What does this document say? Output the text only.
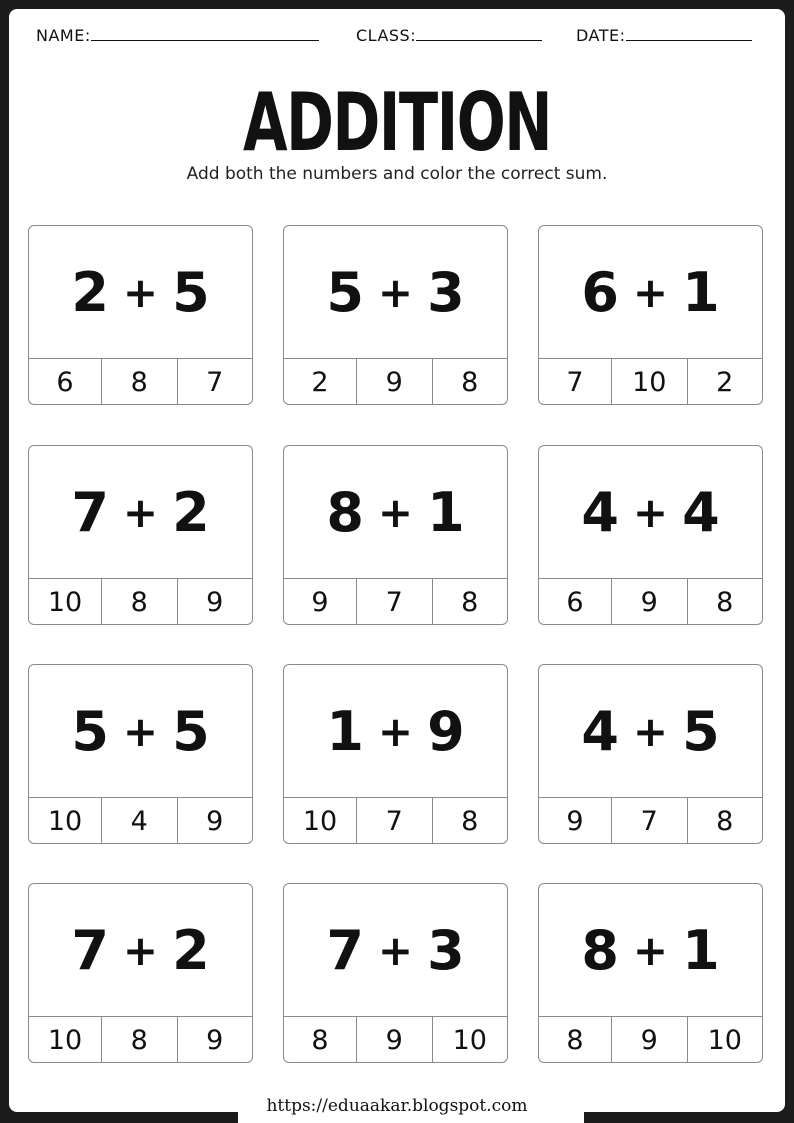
NAME:	CLASS:	DATE:
ADDITION
Add both the numbers and color the correct sum.
2 + 5
6	8	7
5 + 3
2	9	8
6 + 1
7	10	2
7 + 2
10	8	9
8 + 1
9	7	8
4 + 4
6	9	8
5 + 5
10	4	9
1 + 9
10	7	8
4 + 5
9	7	8
7 + 2
10	8	9
7 + 3
8	9	10
8 + 1
8	9	10
https://eduaakar.blogspot.com
